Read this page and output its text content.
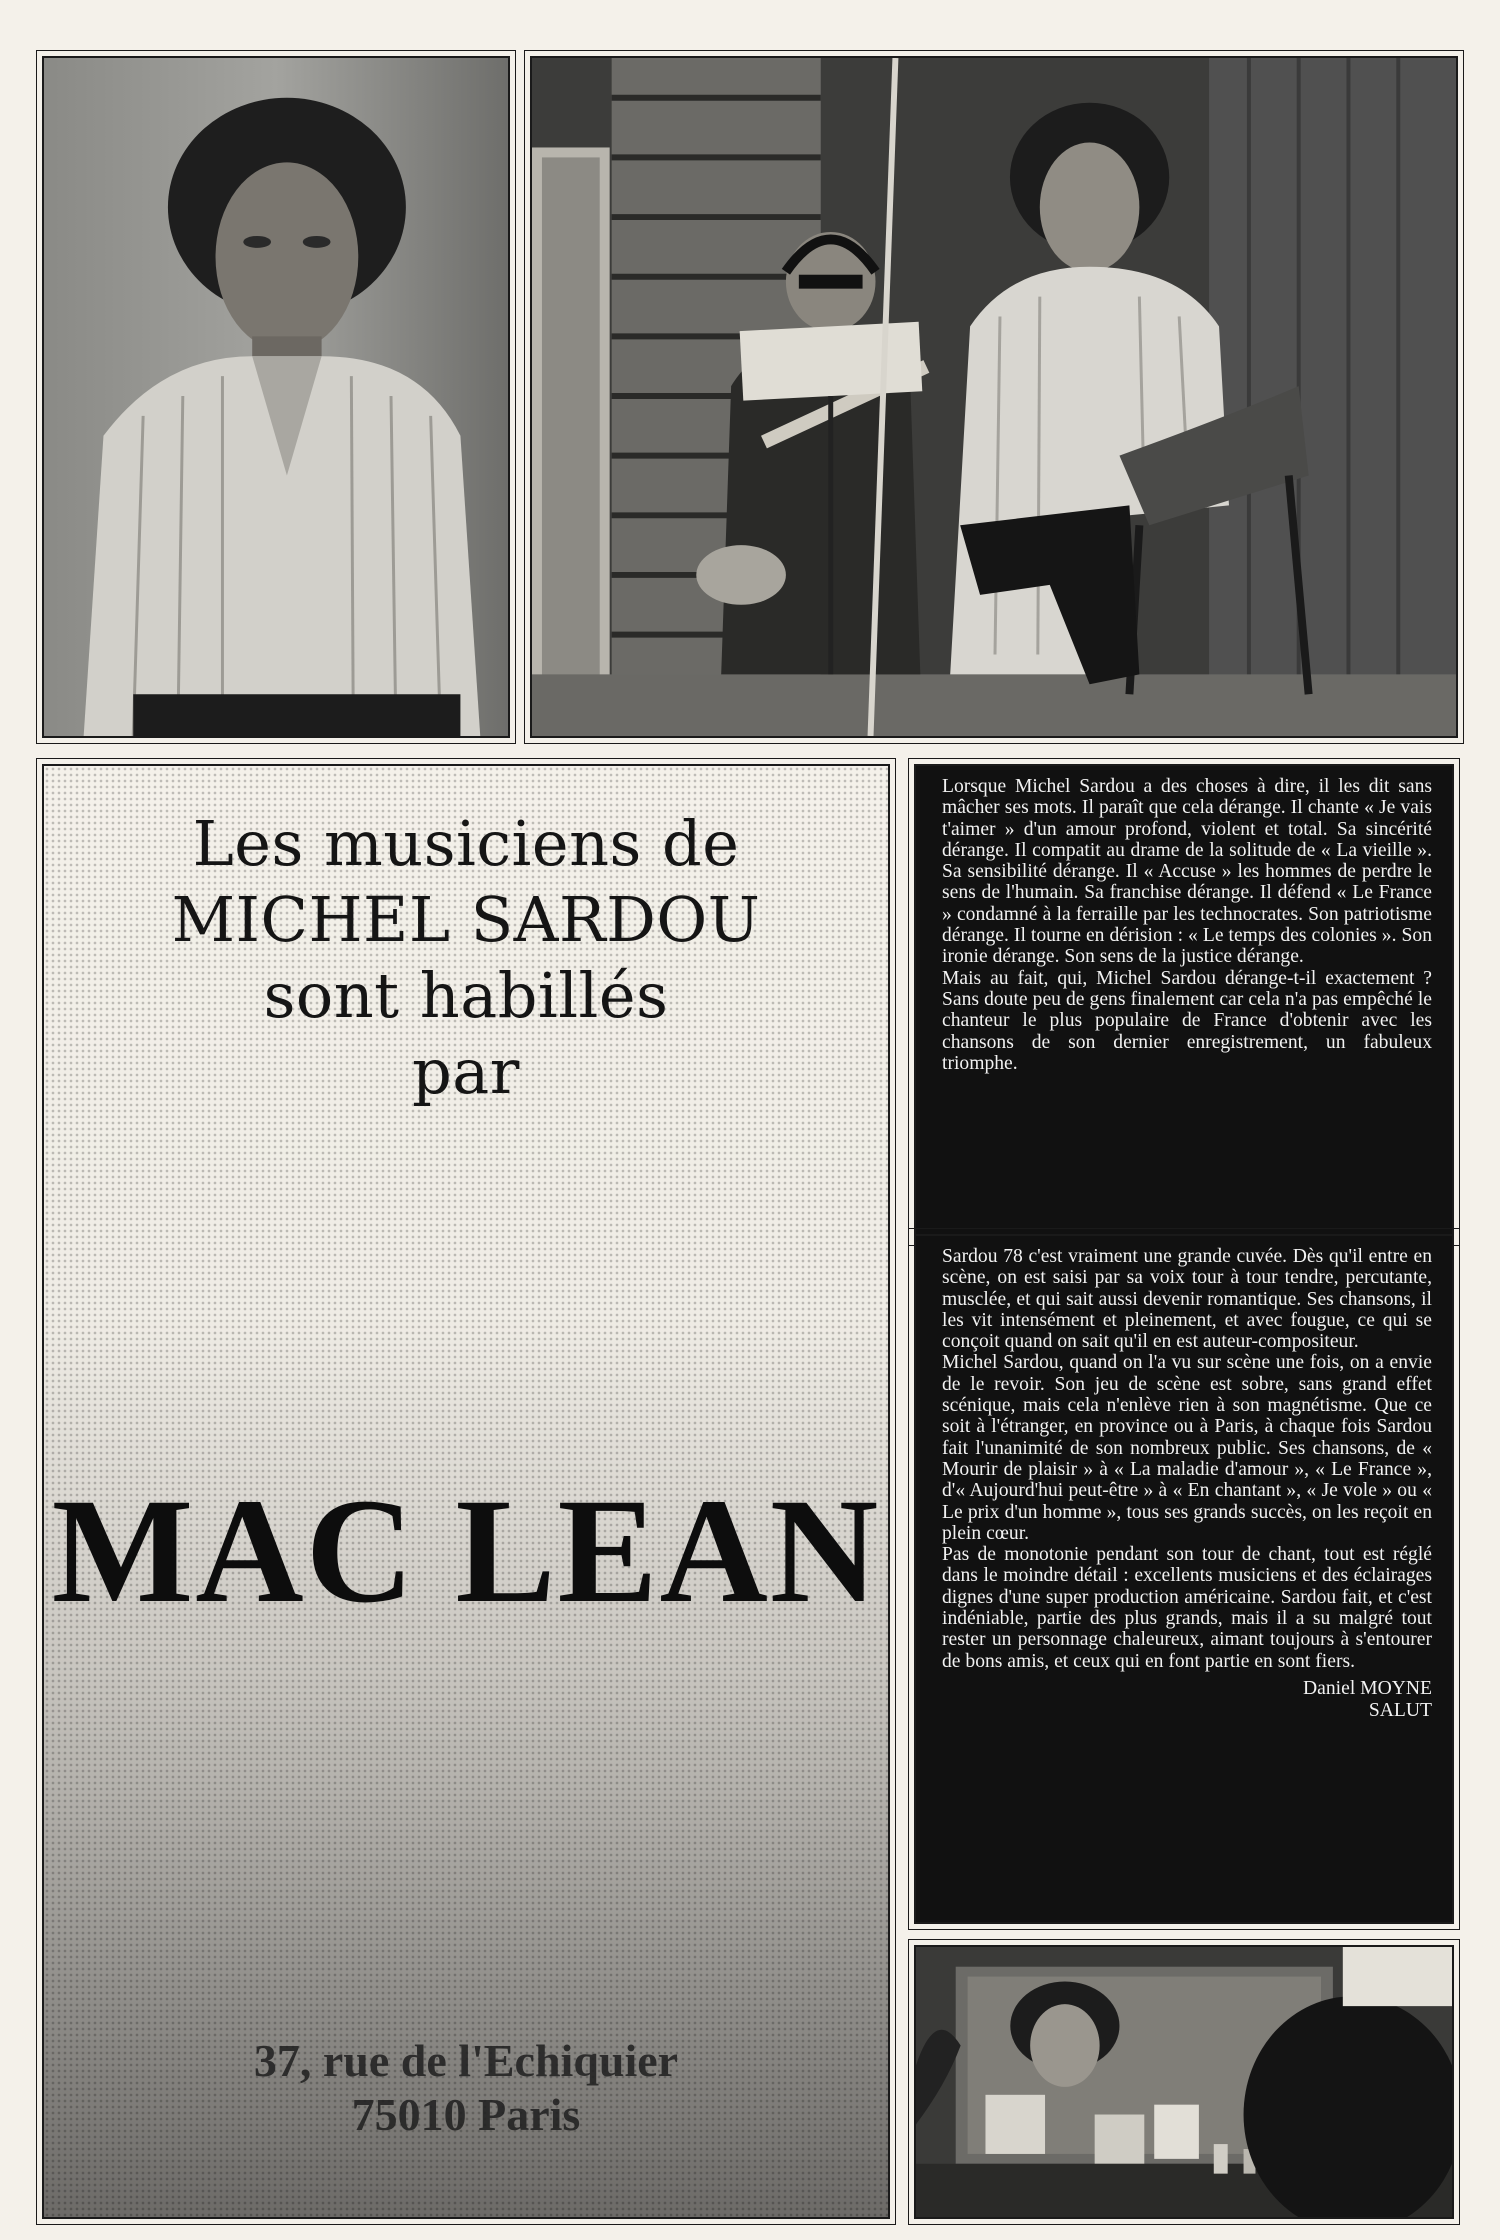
Les musiciens de
MICHEL SARDOU
sont habillés
par
MAC LEAN
37, rue de l'Echiquier
75010 Paris

Lorsque Michel Sardou a des choses à dire, il les dit sans mâcher ses mots. Il paraît que cela dérange. Il chante « Je vais t'aimer » d'un amour profond, violent et total. Sa sincérité dérange. Il compatit au drame de la solitude de « La vieille ». Sa sensibilité dérange. Il « Accuse » les hommes de perdre le sens de l'humain. Sa franchise dérange. Il défend « Le France » condamné à la ferraille par les technocrates. Son patriotisme dérange. Il tourne en dérision : « Le temps des colonies ». Son ironie dérange. Son sens de la justice dérange.

Mais au fait, qui, Michel Sardou dérange-t-il exactement ? Sans doute peu de gens finalement car cela n'a pas empêché le chanteur le plus populaire de France d'obtenir avec les chansons de son dernier enregistrement, un fabuleux triomphe.

Sardou 78 c'est vraiment une grande cuvée. Dès qu'il entre en scène, on est saisi par sa voix tour à tour tendre, percutante, musclée, et qui sait aussi devenir romantique. Ses chansons, il les vit intensément et pleinement, et avec fougue, ce qui se conçoit quand on sait qu'il en est auteur-compositeur.

Michel Sardou, quand on l'a vu sur scène une fois, on a envie de le revoir. Son jeu de scène est sobre, sans grand effet scénique, mais cela n'enlève rien à son magnétisme. Que ce soit à l'étranger, en province ou à Paris, à chaque fois Sardou fait l'unanimité de son nombreux public. Ses chansons, de « Mourir de plaisir » à « La maladie d'amour », « Le France », d'« Aujourd'hui peut-être » à « En chantant », « Je vole » ou « Le prix d'un homme », tous ses grands succès, on les reçoit en plein cœur.

Pas de monotonie pendant son tour de chant, tout est réglé dans le moindre détail : excellents musiciens et des éclairages dignes d'une super production américaine. Sardou fait, et c'est indéniable, partie des plus grands, mais il a su malgré tout rester un personnage chaleureux, aimant toujours à s'entourer de bons amis, et ceux qui en font partie en sont fiers.

Daniel MOYNE
SALUT
